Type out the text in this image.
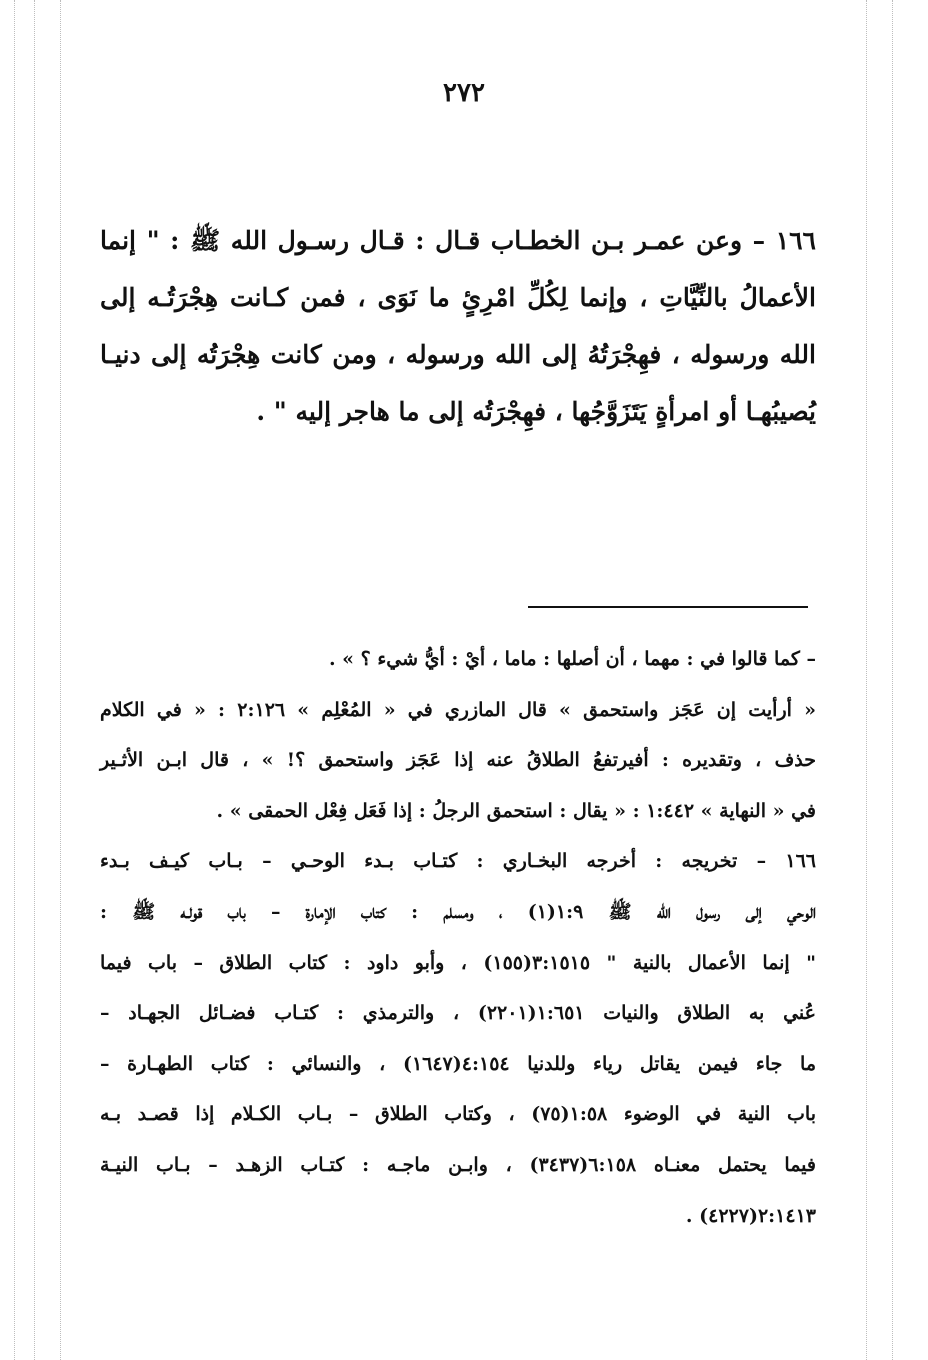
٢٧٢
١٦٦ – وعن عمـر بـن الخطـاب قـال : قـال رسـول الله ﷺ : " إنما الأعمالُ بالنِّيَّاتِ ، وإنما لِكُلِّ امْرِئٍ ما نَوَى ، فمن كـانت هِجْرَتُـه إلى الله ورسوله ، فهِجْرَتُهُ إلى الله ورسوله ، ومن كانت هِجْرَتُه إلى دنيـا يُصيبُهـا أو امرأةٍ يَتَزَوَّجُها ، فهِجْرَتُه إلى ما هاجر إليه " .
– كما قالوا في : مهما ، أن أصلها : ماما ، أيْ : أيُّ شيء ؟ » .
« أرأيت إن عَجَز واستحمق » قال المازري في « المُعْلِم » ٢:١٢٦ : « في الكلام
حذف ، وتقديره : أفيرتفعُ الطلاقُ عنه إذا عَجَز واستحمق ؟! » ، قال ابـن الأثـير
في « النهاية » ١:٤٤٢ : « يقال : استحمق الرجلُ : إذا فَعَل فِعْل الحمقى » .
١٦٦ – تخريجه : أخرجه البخـاري : كتـاب بـدء الوحـي – بـاب كيـف بـدء
الوحي إلى رسول الله ﷺ ١:٩(١) ، ومسلم : كتاب الإمارة – باب قولـه ﷺ :
" إنما الأعمال بالنية " ٣:١٥١٥(١٥٥) ، وأبو داود : كتاب الطلاق – باب فيما
عُني به الطلاق والنيات ١:٦٥١(٢٢٠١) ، والترمذي : كتـاب فضـائل الجهـاد –
ما جاء فيمن يقاتل رياء وللدنيا ٤:١٥٤(١٦٤٧) ، والنسائي : كتاب الطهـارة –
باب النية في الوضوء ١:٥٨(٧٥) ، وكتاب الطلاق – بـاب الكـلام إذا قصـد بـه
فيما يحتمل معنـاه ٦:١٥٨(٣٤٣٧) ، وابـن ماجـه : كتـاب الزهـد – بـاب النيـة
٢:١٤١٣(٤٢٢٧) .
